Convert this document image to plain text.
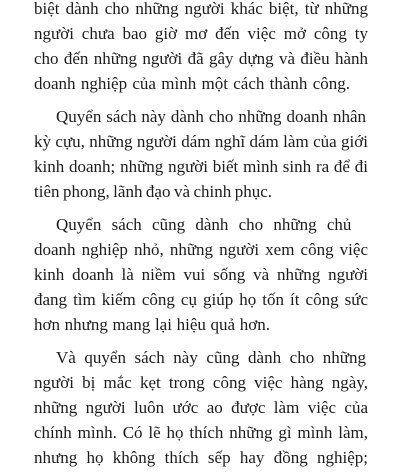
biệt dành cho những người khác biệt, từ những
người chưa bao giờ mơ đến việc mở công ty
cho đến những người đã gây dựng và điều hành
doanh nghiệp của mình một cách thành công.
Quyển sách này dành cho những doanh nhân
kỳ cựu, những người dám nghĩ dám làm của giới
kinh doanh; những người biết mình sinh ra để đi
tiên phong, lãnh đạo và chinh phục.
Quyển sách cũng dành cho những chủ
doanh nghiệp nhỏ, những người xem công việc
kinh doanh là niềm vui sống và những người
đang tìm kiếm công cụ giúp họ tốn ít công sức
hơn nhưng mang lại hiệu quả hơn.
Và quyển sách này cũng dành cho những
người bị mắc kẹt trong công việc hàng ngày,
những người luôn ước ao được làm việc của
chính mình. Có lẽ họ thích những gì mình làm,
nhưng họ không thích sếp hay đồng nghiệp;
